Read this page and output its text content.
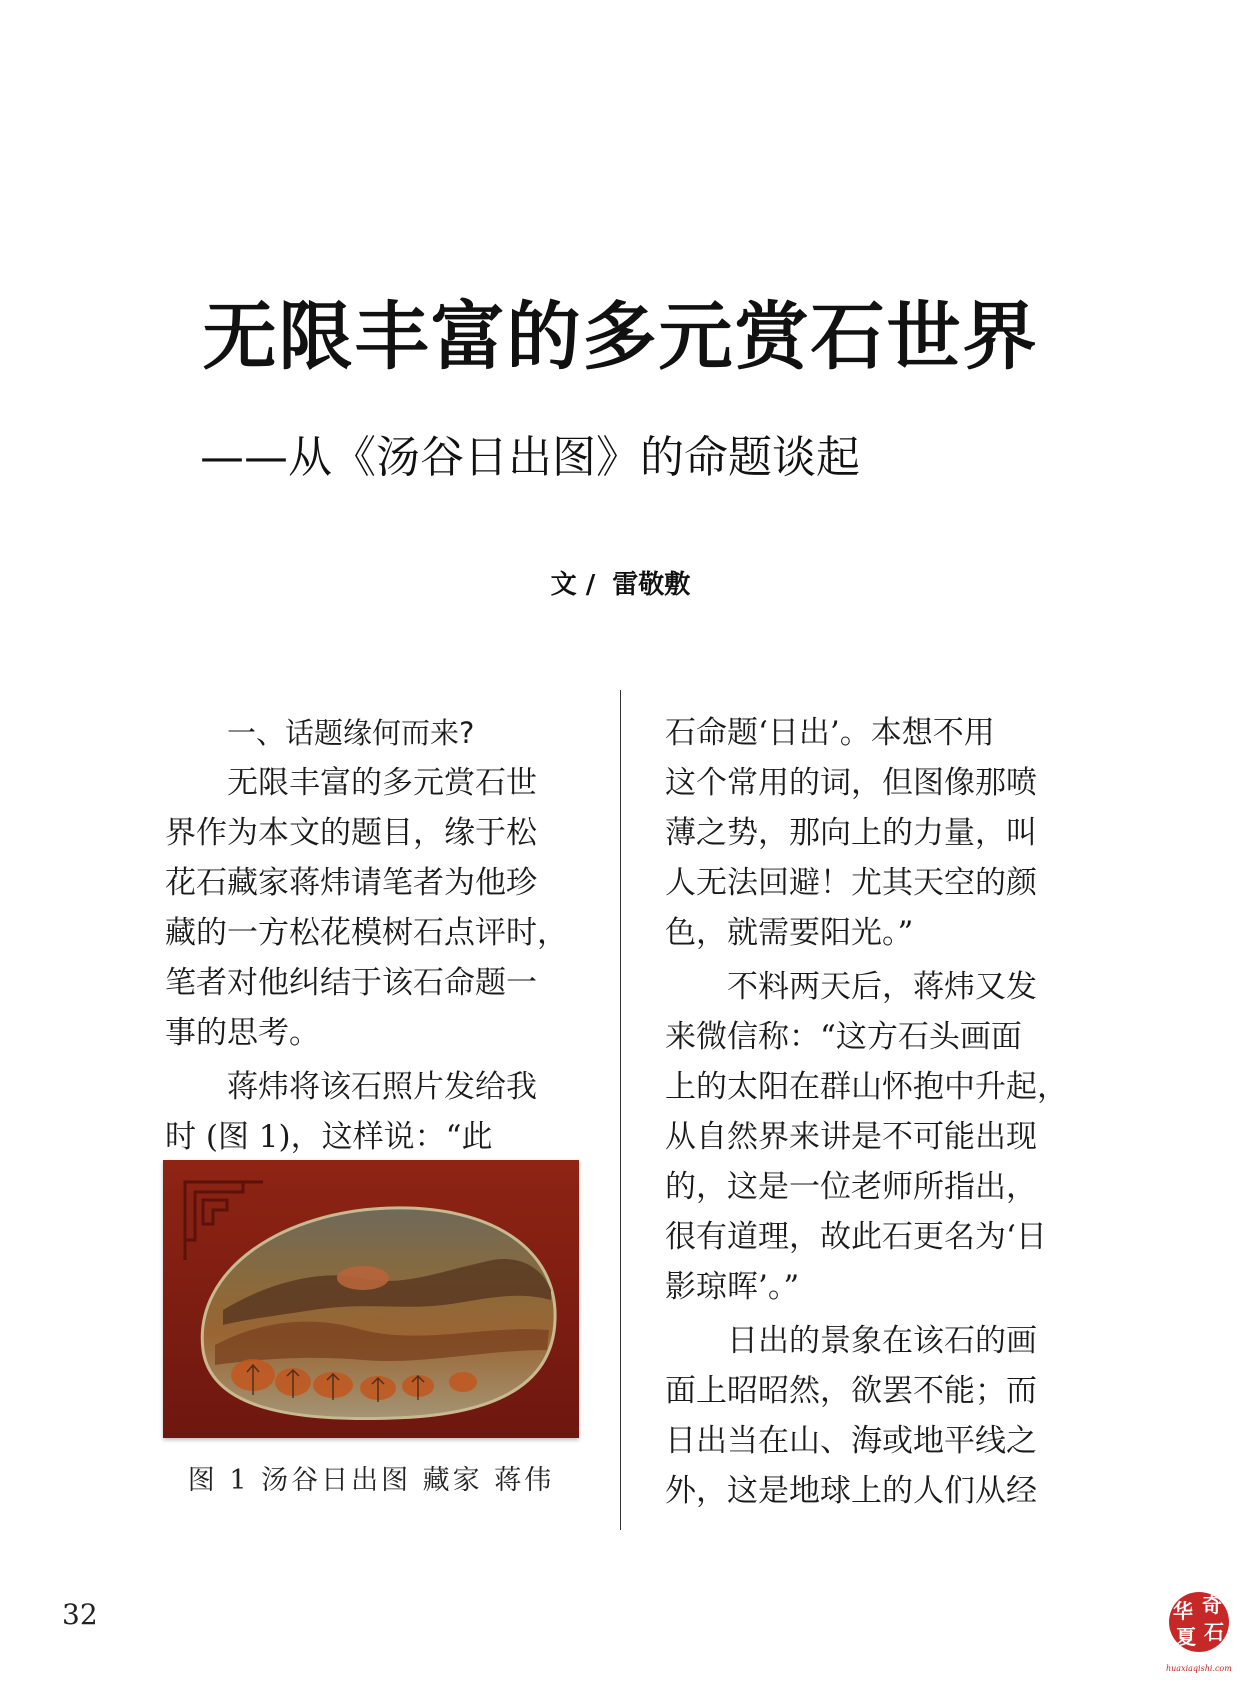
无限丰富的多元赏石世界
——从《汤谷日出图》的命题谈起
文 / 雷敬敷
一、话题缘何而来?
无限丰富的多元赏石世
界作为本文的题目，缘于松
花石藏家蒋炜请笔者为他珍
藏的一方松花模树石点评时，
笔者对他纠结于该石命题一
事的思考。
蒋炜将该石照片发给我
时 (图 1)，这样说：“此
图 1 汤谷日出图 藏家 蒋伟
石命题‘日出’。本想不用
这个常用的词，但图像那喷
薄之势，那向上的力量，叫
人无法回避！尤其天空的颜
色，就需要阳光。”
不料两天后，蒋炜又发
来微信称：“这方石头画面
上的太阳在群山怀抱中升起，
从自然界来讲是不可能出现
的，这是一位老师所指出，
很有道理，故此石更名为‘日
影琼晖’。”
日出的景象在该石的画
面上昭昭然，欲罢不能；而
日出当在山、海或地平线之
外，这是地球上的人们从经
32	华 奇
夏 石
huaxiaqishi.com
